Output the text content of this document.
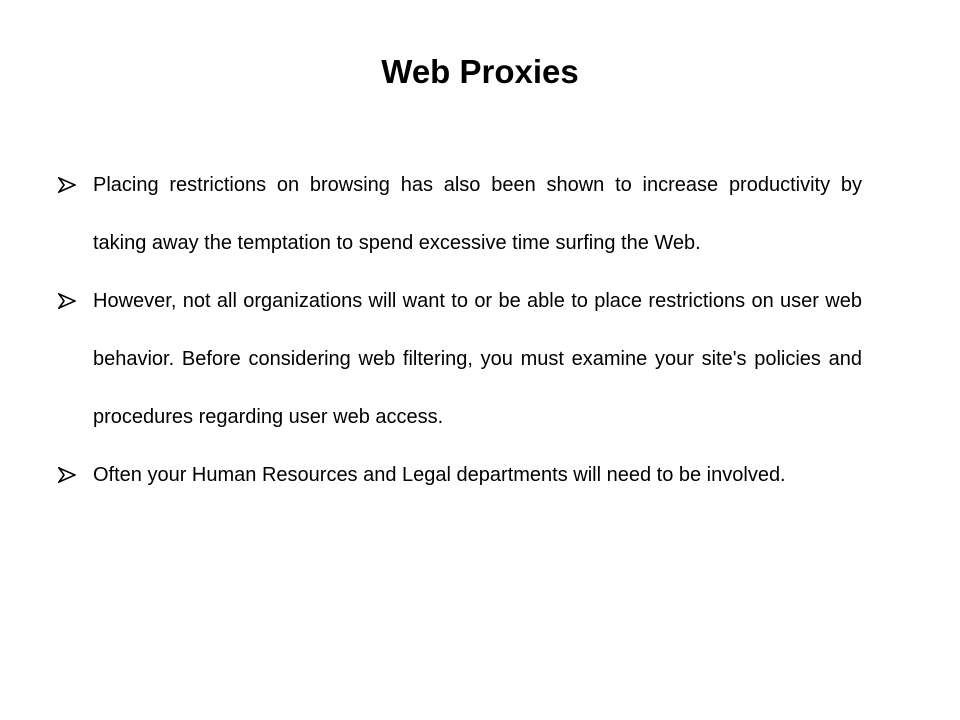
Web Proxies
Placing restrictions on browsing has also been shown to increase productivity by taking away the temptation to spend excessive time surfing the Web.
However, not all organizations will want to or be able to place restrictions on user web behavior. Before considering web filtering, you must examine your site's policies and procedures regarding user web access.
Often your Human Resources and Legal departments will need to be involved.
